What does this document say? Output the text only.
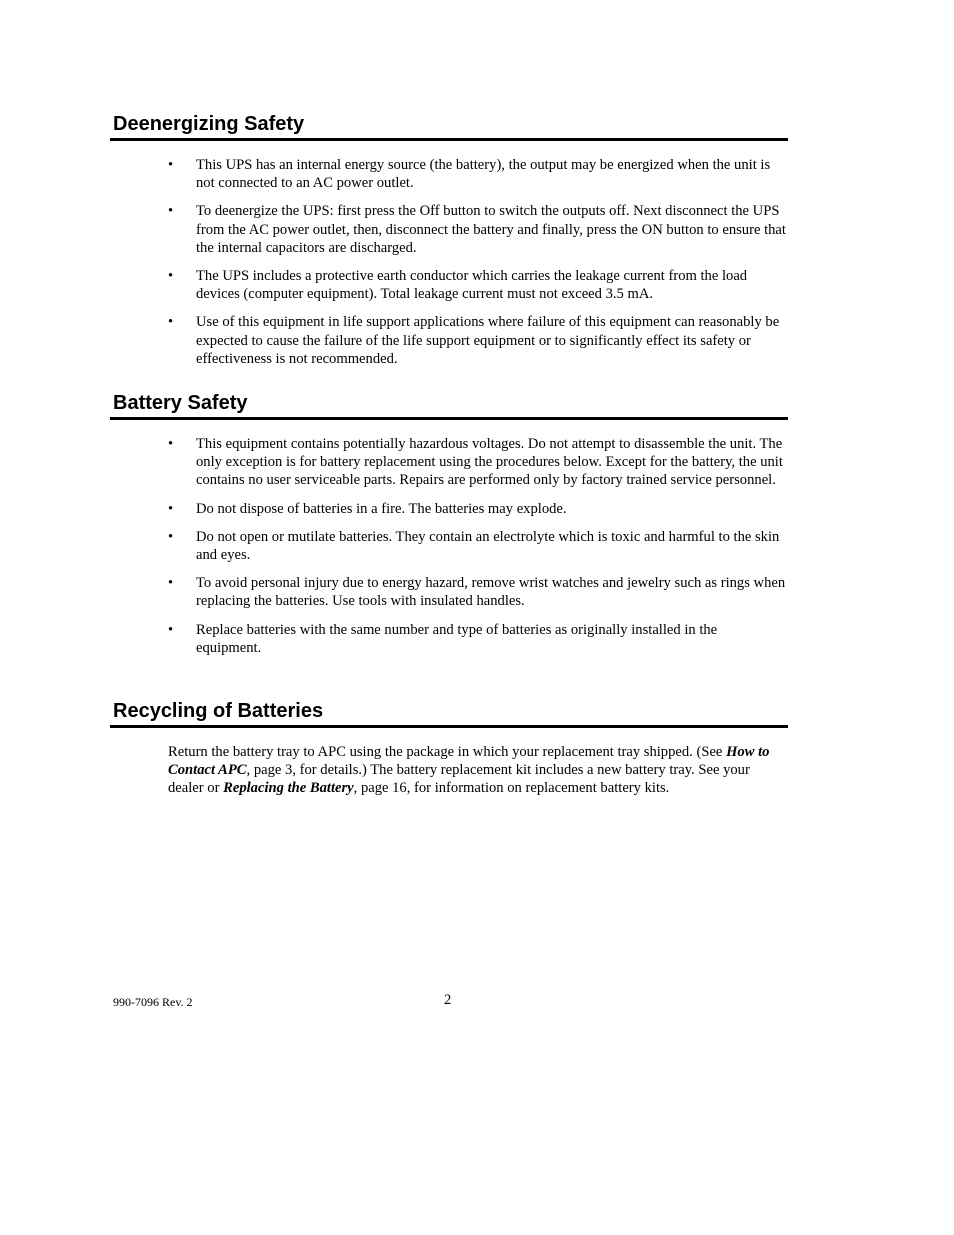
Deenergizing Safety
• This UPS has an internal energy source (the battery), the output may be energized when the unit is not connected to an AC power outlet.
• To deenergize the UPS: first press the Off button to switch the outputs off. Next disconnect the UPS from the AC power outlet, then, disconnect the battery and finally, press the ON button to ensure that the internal capacitors are discharged.
• The UPS includes a protective earth conductor which carries the leakage current from the load devices (computer equipment). Total leakage current must not exceed 3.5 mA.
• Use of this equipment in life support applications where failure of this equipment can reasonably be expected to cause the failure of the life support equipment or to significantly effect its safety or effectiveness is not recommended.
Battery Safety
• This equipment contains potentially hazardous voltages. Do not attempt to disassemble the unit. The only exception is for battery replacement using the procedures below. Except for the battery, the unit contains no user serviceable parts. Repairs are performed only by factory trained service personnel.
• Do not dispose of batteries in a fire. The batteries may explode.
• Do not open or mutilate batteries. They contain an electrolyte which is toxic and harmful to the skin and eyes.
• To avoid personal injury due to energy hazard, remove wrist watches and jewelry such as rings when replacing the batteries. Use tools with insulated handles.
• Replace batteries with the same number and type of batteries as originally installed in the equipment.
Recycling of Batteries

Return the battery tray to APC using the package in which your replacement tray shipped. (See How to Contact APC, page 3, for details.) The battery replacement kit includes a new battery tray. See your dealer or Replacing the Battery, page 16, for information on replacement battery kits.

990-7096 Rev. 2	2
